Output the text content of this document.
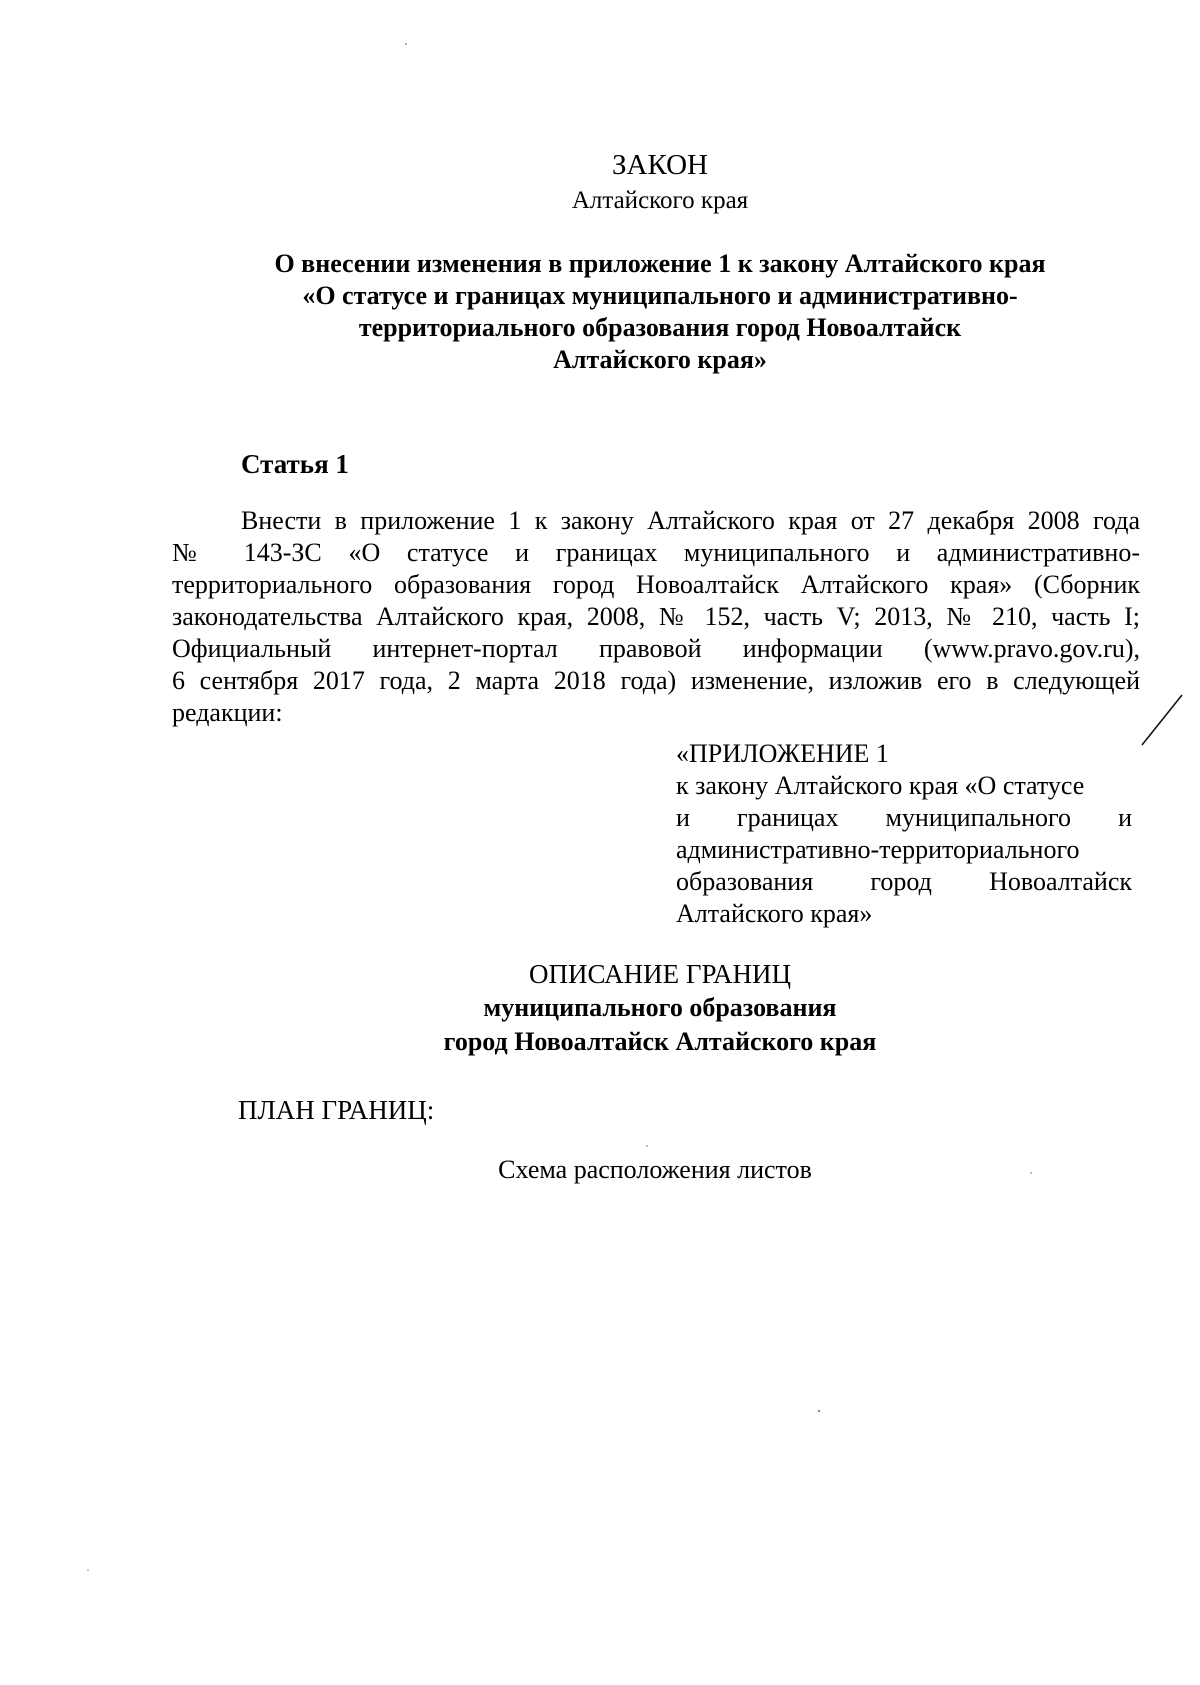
ЗАКОН

Алтайского края

О внесении изменения в приложение 1 к закону Алтайского края
«О статусе и границах муниципального и административно-
территориального образования город Новоалтайск
Алтайского края»

Статья 1

Внести в приложение 1 к закону Алтайского края от 27 декабря 2008 года
№ 143-ЗС «О статусе и границах муниципального и административно-
территориального образования город Новоалтайск Алтайского края» (Сборник
законодательства Алтайского края, 2008, № 152, часть V; 2013, № 210, часть I;
Официальный интернет-портал правовой информации (www.pravo.gov.ru),
6 сентября 2017 года, 2 марта 2018 года) изменение, изложив его в следующей
редакции:
«ПРИЛОЖЕНИЕ 1
к закону Алтайского края «О статусе
и границах муниципального и
административно-территориального
образования город Новоалтайск
Алтайского края»

ОПИСАНИЕ ГРАНИЦ

муниципального образования

город Новоалтайск Алтайского края

ПЛАН ГРАНИЦ:

Схема расположения листов
